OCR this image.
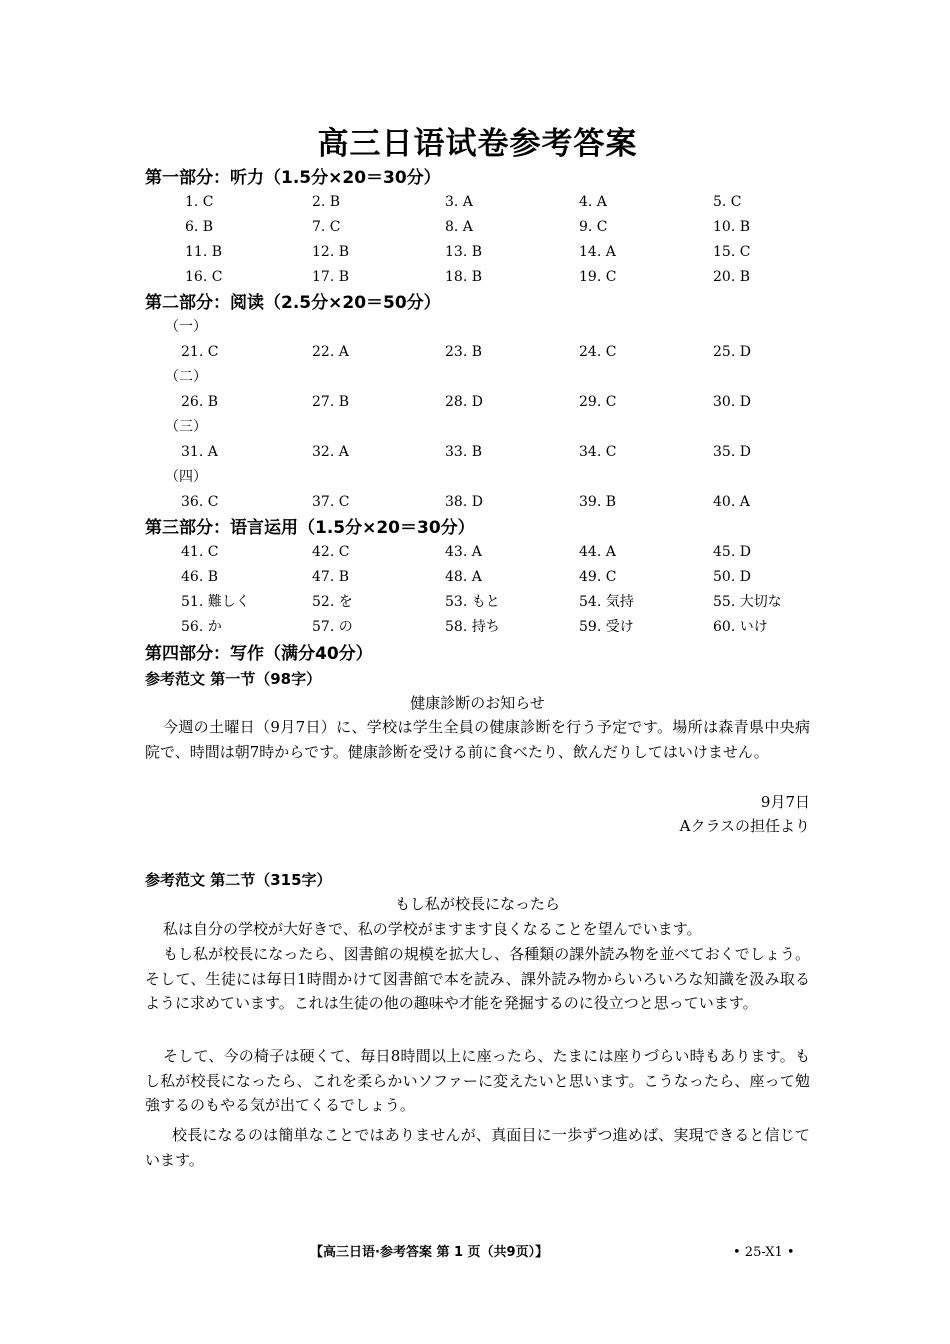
高三日语试卷参考答案
第一部分：听力（1.5分×20＝30分）
1. C	2. B	3. A	4. A	5. C
6. B	7. C	8. A	9. C	10. B
11. B	12. B	13. B	14. A	15. C
16. C	17. B	18. B	19. C	20. B
第二部分：阅读（2.5分×20＝50分）
（一）
21. C	22. A	23. B	24. C	25. D
（二）
26. B	27. B	28. D	29. C	30. D
（三）
31. A	32. A	33. B	34. C	35. D
（四）
36. C	37. C	38. D	39. B	40. A
第三部分：语言运用（1.5分×20＝30分）
41. C	42. C	43. A	44. A	45. D
46. B	47. B	48. A	49. C	50. D
51. 難しく	52. を	53. もと	54. 気持	55. 大切な
56. か	57. の	58. 持ち	59. 受け	60. いけ
第四部分：写作（满分40分）
参考范文 第一节（98字）
健康診断のお知らせ
今週の土曜日（9月7日）に、学校は学生全員の健康診断を行う予定です。場所は森青県中央病院で、時間は朝7時からです。健康診断を受ける前に食べたり、飲んだりしてはいけません。
9月7日
Aクラスの担任より
参考范文 第二节（315字）
もし私が校長になったら
私は自分の学校が大好きで、私の学校がますます良くなることを望んでいます。
もし私が校長になったら、図書館の規模を拡大し、各種類の課外読み物を並べておくでしょう。そして、生徒には毎日1時間かけて図書館で本を読み、課外読み物からいろいろな知識を汲み取るように求めています。これは生徒の他の趣味や才能を発掘するのに役立つと思っています。
そして、今の椅子は硬くて、毎日8時間以上に座ったら、たまには座りづらい時もあります。もし私が校長になったら、これを柔らかいソファーに変えたいと思います。こうなったら、座って勉強するのもやる気が出てくるでしょう。
校長になるのは簡単なことではありませんが、真面目に一歩ずつ進めば、実現できると信じています。
【高三日语·参考答案 第 1 页（共9页）】	• 25-X1 •
